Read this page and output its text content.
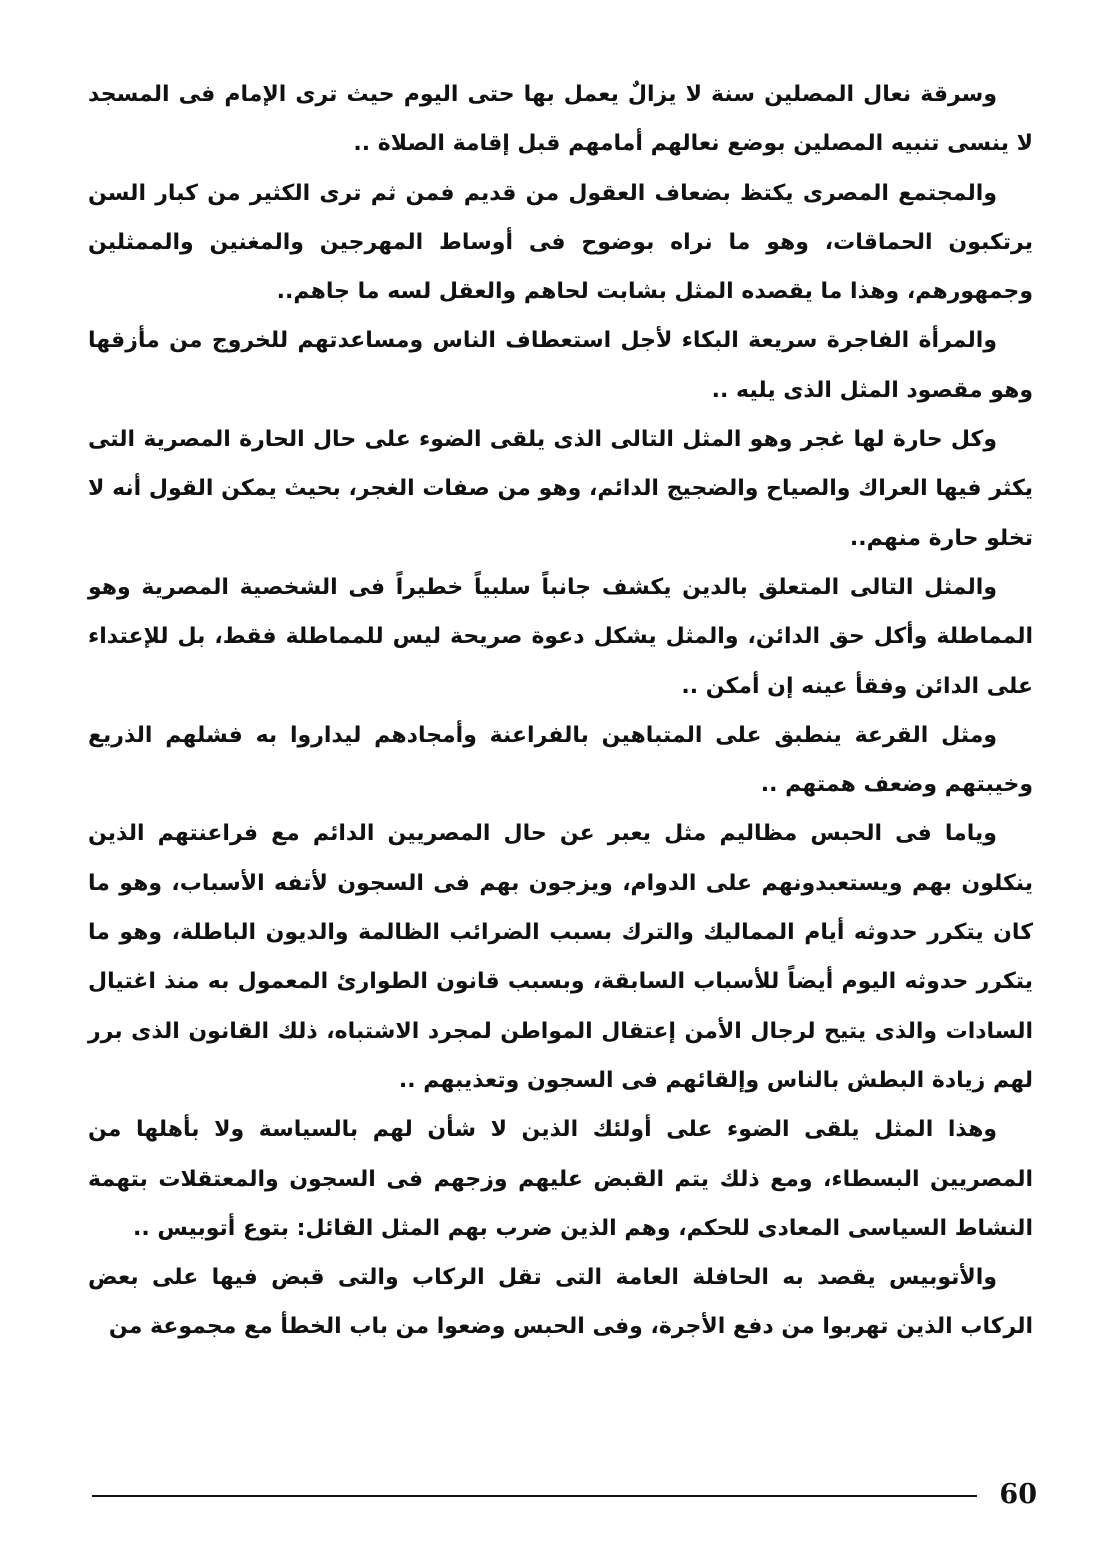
وسرقة نعال المصلين سنة لا يزالٌ يعمل بها حتى اليوم حيث ترى الإمام فى المسجد لا ينسى تنبيه المصلين بوضع نعالهم أمامهم قبل إقامة الصلاة ..

والمجتمع المصرى يكتظ بضعاف العقول من قديم فمن ثم ترى الكثير من كبار السن يرتكبون الحماقات، وهو ما نراه بوضوح فى أوساط المهرجين والمغنين والممثلين وجمهورهم، وهذا ما يقصده المثل بشابت لحاهم والعقل لسه ما جاهم..

والمرأة الفاجرة سريعة البكاء لأجل استعطاف الناس ومساعدتهم للخروج من مأزقها وهو مقصود المثل الذى يليه ..

وكل حارة لها غجر وهو المثل التالى الذى يلقى الضوء على حال الحارة المصرية التى يكثر فيها العراك والصياح والضجيج الدائم، وهو من صفات الغجر، بحيث يمكن القول أنه لا تخلو حارة منهم..

والمثل التالى المتعلق بالدين يكشف جانباً سلبياً خطيراً فى الشخصية المصرية وهو المماطلة وأكل حق الدائن، والمثل يشكل دعوة صريحة ليس للمماطلة فقط، بل للإعتداء على الدائن وفقأ عينه إن أمكن ..

ومثل القرعة ينطبق على المتباهين بالفراعنة وأمجادهم ليداروا به فشلهم الذريع وخيبتهم وضعف همتهم ..

وياما فى الحبس مظاليم مثل يعبر عن حال المصريين الدائم مع فراعنتهم الذين ينكلون بهم ويستعبدونهم على الدوام، ويزجون بهم فى السجون لأتفه الأسباب، وهو ما كان يتكرر حدوثه أيام المماليك والترك بسبب الضرائب الظالمة والديون الباطلة، وهو ما يتكرر حدوثه اليوم أيضاً للأسباب السابقة، وبسبب قانون الطوارئ المعمول به منذ اغتيال السادات والذى يتيح لرجال الأمن إعتقال المواطن لمجرد الاشتباه، ذلك القانون الذى برر لهم زيادة البطش بالناس وإلقائهم فى السجون وتعذيبهم ..

وهذا المثل يلقى الضوء على أولئك الذين لا شأن لهم بالسياسة ولا بأهلها من المصريين البسطاء، ومع ذلك يتم القبض عليهم وزجهم فى السجون والمعتقلات بتهمة النشاط السياسى المعادى للحكم، وهم الذين ضرب بهم المثل القائل: بتوع أتوبيس ..

والأتوبيس يقصد به الحافلة العامة التى تقل الركاب والتى قبض فيها على بعض الركاب الذين تهربوا من دفع الأجرة، وفى الحبس وضعوا من باب الخطأ مع مجموعة من

60
